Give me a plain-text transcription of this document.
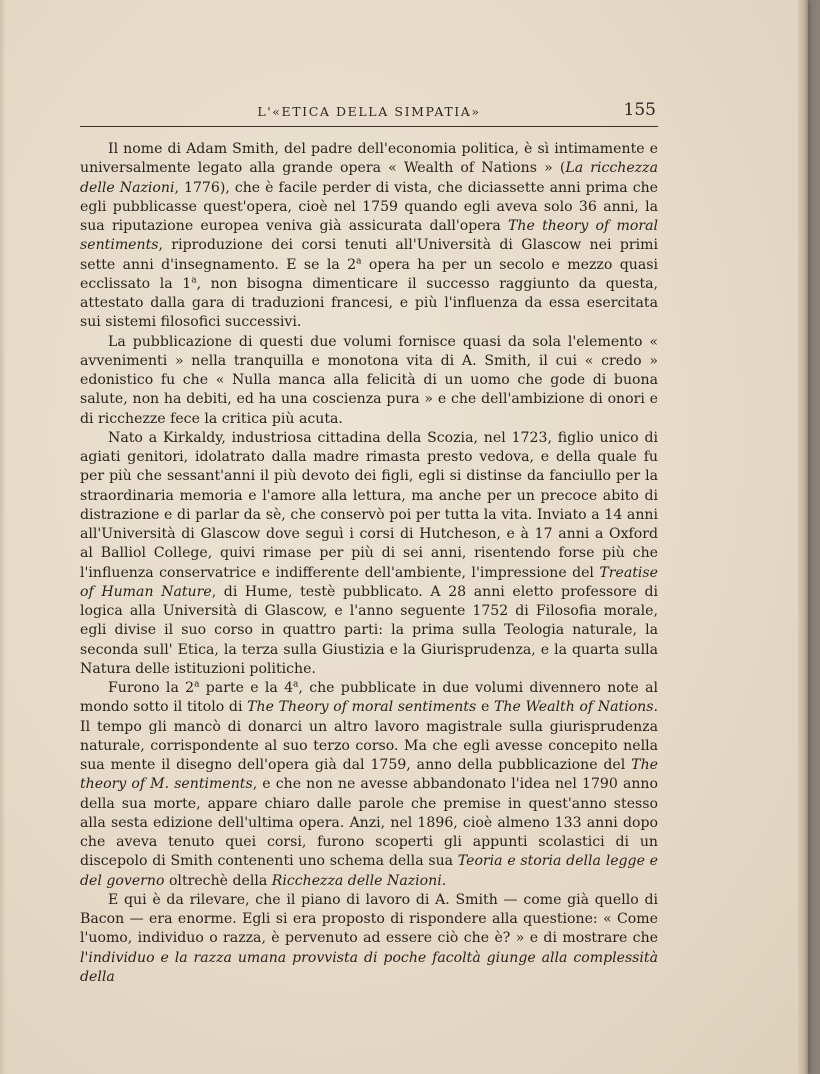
L'«ETICA DELLA SIMPATIA»	155

Il nome di Adam Smith, del padre dell'economia politica, è sì intimamente e universalmente legato alla grande opera « Wealth of Nations » (La ricchezza delle Nazioni, 1776), che è facile perder di vista, che diciassette anni prima che egli pubblicasse quest'opera, cioè nel 1759 quando egli aveva solo 36 anni, la sua riputazione europea veniva già assicurata dall'opera The theory of moral sentiments, riproduzione dei corsi tenuti all'Università di Glascow nei primi sette anni d'insegnamento. E se la 2$^a$ opera ha per un secolo e mezzo quasi ecclissato la 1$^a$, non bisogna dimenticare il successo raggiunto da questa, attestato dalla gara di traduzioni francesi, e più l'influenza da essa esercitata sui sistemi filosofici successivi.

La pubblicazione di questi due volumi fornisce quasi da sola l'elemento « avvenimenti » nella tranquilla e monotona vita di A. Smith, il cui « credo » edonistico fu che « Nulla manca alla felicità di un uomo che gode di buona salute, non ha debiti, ed ha una coscienza pura » e che dell'ambizione di onori e di ricchezze fece la critica più acuta.

Nato a Kirkaldy, industriosa cittadina della Scozia, nel 1723, figlio unico di agiati genitori, idolatrato dalla madre rimasta presto vedova, e della quale fu per più che sessant'anni il più devoto dei figli, egli si distinse da fanciullo per la straordinaria memoria e l'amore alla lettura, ma anche per un precoce abito di distrazione e di parlar da sè, che conservò poi per tutta la vita. Inviato a 14 anni all'Università di Glascow dove seguì i corsi di Hutcheson, e à 17 anni a Oxford al Balliol College, quivi rimase per più di sei anni, risentendo forse più che l'influenza conservatrice e indifferente dell'ambiente, l'impressione del Treatise of Human Nature, di Hume, testè pubblicato. A 28 anni eletto professore di logica alla Università di Glascow, e l'anno seguente 1752 di Filosofia morale, egli divise il suo corso in quattro parti: la prima sulla Teologia naturale, la seconda sull' Etica, la terza sulla Giustizia e la Giurisprudenza, e la quarta sulla Natura delle istituzioni politiche.

Furono la 2$^a$ parte e la 4$^a$, che pubblicate in due volumi divennero note al mondo sotto il titolo di The Theory of moral sentiments e The Wealth of Nations. Il tempo gli mancò di donarci un altro lavoro magistrale sulla giurisprudenza naturale, corrispondente al suo terzo corso. Ma che egli avesse concepito nella sua mente il disegno dell'opera già dal 1759, anno della pubblicazione del The theory of M. sentiments, e che non ne avesse abbandonato l'idea nel 1790 anno della sua morte, appare chiaro dalle parole che premise in quest'anno stesso alla sesta edizione dell'ultima opera. Anzi, nel 1896, cioè almeno 133 anni dopo che aveva tenuto quei corsi, furono scoperti gli appunti scolastici di un discepolo di Smith contenenti uno schema della sua Teoria e storia della legge e del governo oltrechè della Ricchezza delle Nazioni.

E qui è da rilevare, che il piano di lavoro di A. Smith — come già quello di Bacon — era enorme. Egli si era proposto di rispondere alla questione: « Come l'uomo, individuo o razza, è pervenuto ad essere ciò che è? » e di mostrare che l'individuo e la razza umana provvista di poche facoltà giunge alla complessità della
